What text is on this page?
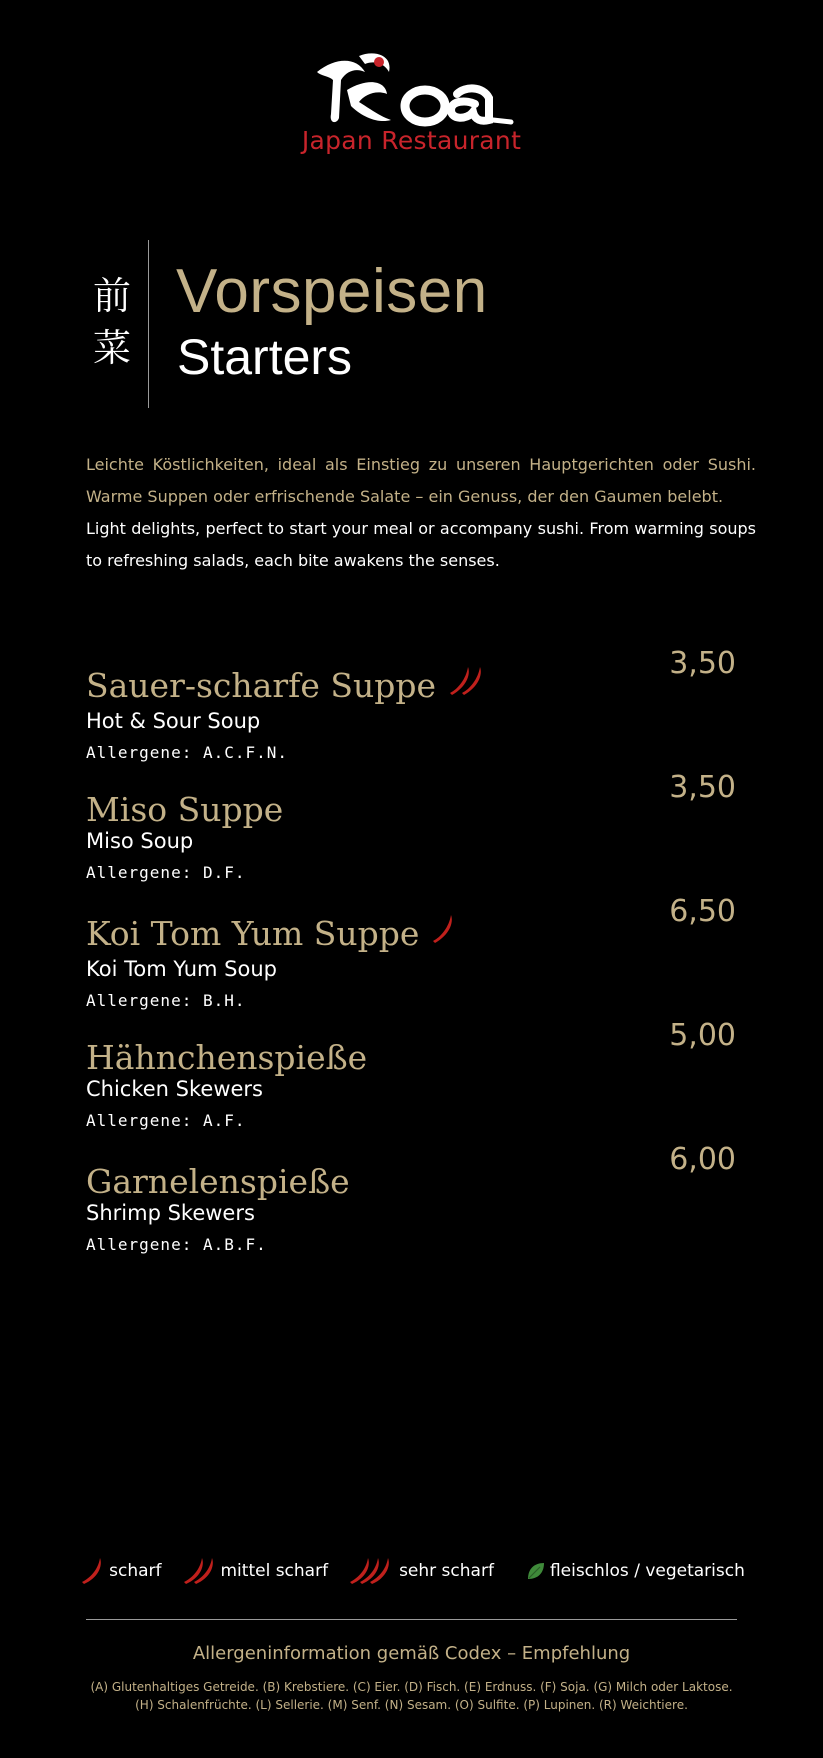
Japan Restaurant
前
菜
Vorspeisen
Starters
Leichte Köstlichkeiten, ideal als Einstieg zu unseren Hauptgerichten oder Sushi. Warme Suppen oder erfrischende Salate – ein Genuss, der den Gaumen belebt.
Light delights, perfect to start your meal or accompany sushi. From warming soups to refreshing salads, each bite awakens the senses.
Sauer-scharfe Suppe
Hot & Sour Soup
Allergene: A.C.F.N.
3,50
Miso Suppe
Miso Soup
Allergene: D.F.
3,50
Koi Tom Yum Suppe
Koi Tom Yum Soup
Allergene: B.H.
6,50
Hähnchenspieße
Chicken Skewers
Allergene: A.F.
5,00
Garnelenspieße
Shrimp Skewers
Allergene: A.B.F.
6,00
scharf	mittel scharf	sehr scharf	fleischlos / vegetarisch
Allergeninformation gemäß Codex – Empfehlung
(A) Glutenhaltiges Getreide. (B) Krebstiere. (C) Eier. (D) Fisch. (E) Erdnuss. (F) Soja. (G) Milch oder Laktose.
(H) Schalenfrüchte. (L) Sellerie. (M) Senf. (N) Sesam. (O) Sulfite. (P) Lupinen. (R) Weichtiere.
